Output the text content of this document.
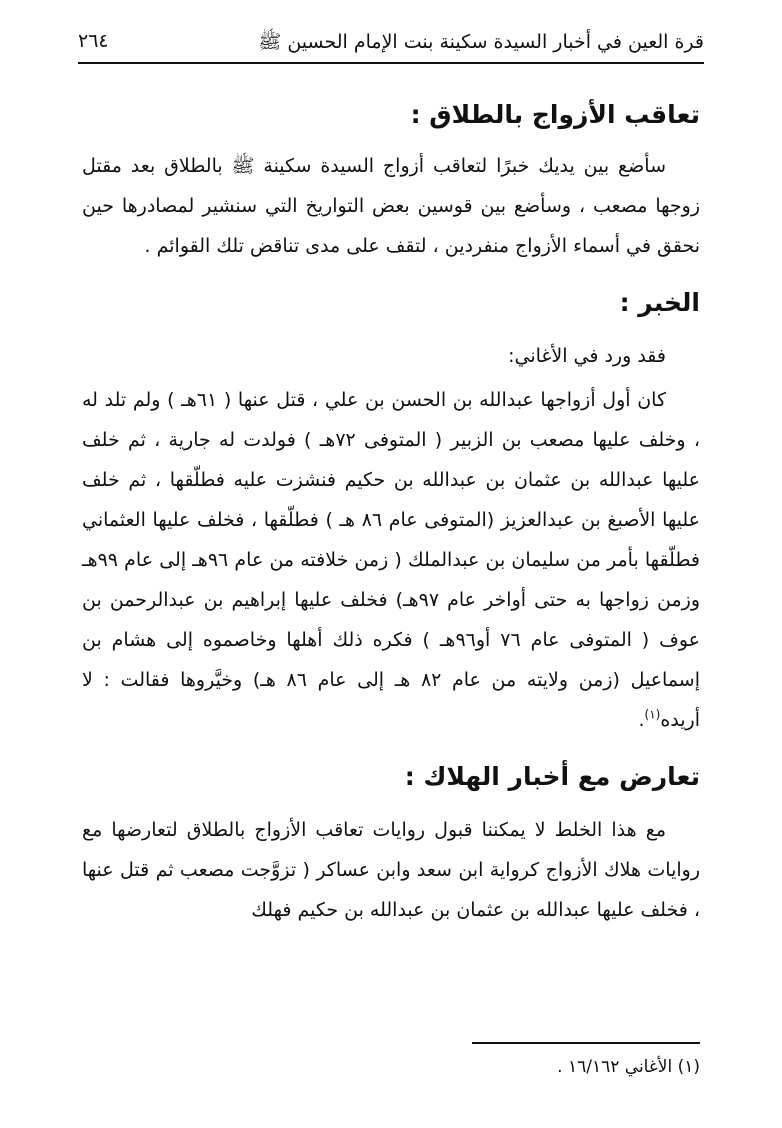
قرة العين في أخبار السيدة سكينة بنت الإمام الحسين ﷺ
٢٦٤
تعاقب الأزواج بالطلاق :

سأضع بين يديك خبرًا لتعاقب أزواج السيدة سكينة ﷺ بالطلاق بعد مقتل زوجها مصعب ، وسأضع بين قوسين بعض التواريخ التي سنشير لمصادرها حين نحقق في أسماء الأزواج منفردين ، لتقف على مدى تناقض تلك القوائم .

الخبر :

فقد ورد في الأغاني:

كان أول أزواجها عبدالله بن الحسن بن علي ، قتل عنها ( ٦١هـ ) ولم تلد له ، وخلف عليها مصعب بن الزبير ( المتوفى ٧٢هـ ) فولدت له جارية ، ثم خلف عليها عبدالله بن عثمان بن عبدالله بن حكيم فنشزت عليه فطلّقها ، ثم خلف عليها الأصبغ بن عبدالعزيز (المتوفى عام ٨٦ هـ ) فطلّقها ، فخلف عليها العثماني فطلّقها بأمر من سليمان بن عبدالملك ( زمن خلافته من عام ٩٦هـ إلى عام ٩٩هـ وزمن زواجها به حتى أواخر عام ٩٧هـ) فخلف عليها إبراهيم بن عبدالرحمن بن عوف ( المتوفى عام ٧٦ أو٩٦هـ ) فكره ذلك أهلها وخاصموه إلى هشام بن إسماعيل (زمن ولايته من عام ٨٢ هـ إلى عام ٨٦ هـ) وخيَّروها فقالت : لا أريده$^{(١)}$.

تعارض مع أخبار الهلاك :

مع هذا الخلط لا يمكننا قبول روايات تعاقب الأزواج بالطلاق لتعارضها مع روايات هلاك الأزواج كرواية ابن سعد وابن عساكر ( تزوَّجت مصعب ثم قتل عنها ، فخلف عليها عبدالله بن عثمان بن عبدالله بن حكيم فهلك

(١) الأغاني ١٦/١٦٢ .
